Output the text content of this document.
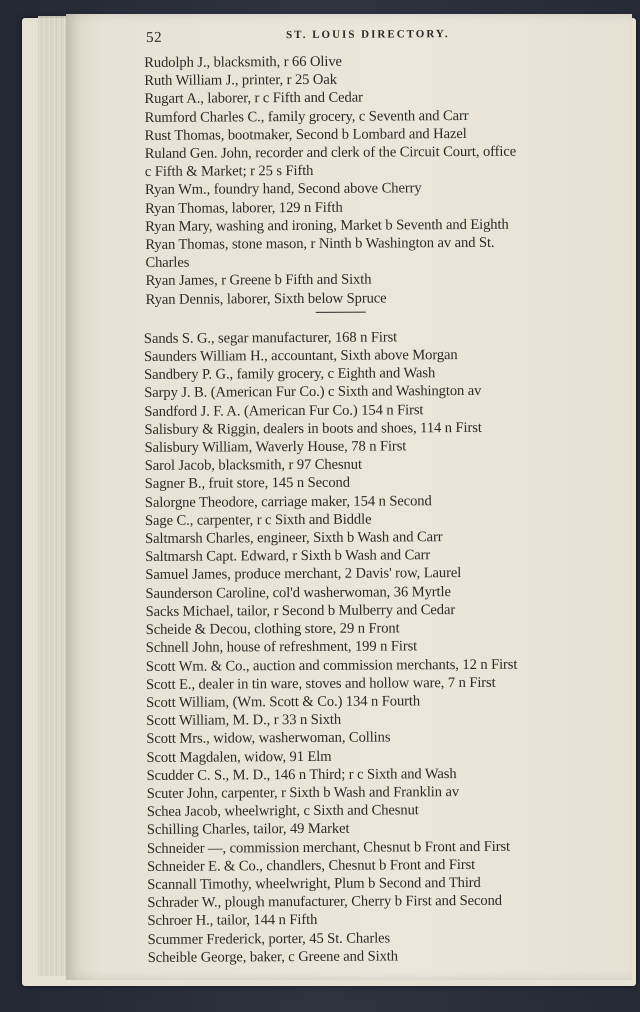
52	ST. LOUIS DIRECTORY.
Rudolph J., blacksmith, r 66 Olive
Ruth William J., printer, r 25 Oak
Rugart A., laborer, r c Fifth and Cedar
Rumford Charles C., family grocery, c Seventh and Carr
Rust Thomas, bootmaker, Second b Lombard and Hazel
Ruland Gen. John, recorder and clerk of the Circuit Court, office
c Fifth & Market; r 25 s Fifth
Ryan Wm., foundry hand, Second above Cherry
Ryan Thomas, laborer, 129 n Fifth
Ryan Mary, washing and ironing, Market b Seventh and Eighth
Ryan Thomas, stone mason, r Ninth b Washington av and St.
Charles
Ryan James, r Greene b Fifth and Sixth
Ryan Dennis, laborer, Sixth below Spruce
Sands S. G., segar manufacturer, 168 n First
Saunders William H., accountant, Sixth above Morgan
Sandbery P. G., family grocery, c Eighth and Wash
Sarpy J. B. (American Fur Co.) c Sixth and Washington av
Sandford J. F. A. (American Fur Co.) 154 n First
Salisbury & Riggin, dealers in boots and shoes, 114 n First
Salisbury William, Waverly House, 78 n First
Sarol Jacob, blacksmith, r 97 Chesnut
Sagner B., fruit store, 145 n Second
Salorgne Theodore, carriage maker, 154 n Second
Sage C., carpenter, r c Sixth and Biddle
Saltmarsh Charles, engineer, Sixth b Wash and Carr
Saltmarsh Capt. Edward, r Sixth b Wash and Carr
Samuel James, produce merchant, 2 Davis' row, Laurel
Saunderson Caroline, col'd washerwoman, 36 Myrtle
Sacks Michael, tailor, r Second b Mulberry and Cedar
Scheide & Decou, clothing store, 29 n Front
Schnell John, house of refreshment, 199 n First
Scott Wm. & Co., auction and commission merchants, 12 n First
Scott E., dealer in tin ware, stoves and hollow ware, 7 n First
Scott William, (Wm. Scott & Co.) 134 n Fourth
Scott William, M. D., r 33 n Sixth
Scott Mrs., widow, washerwoman, Collins
Scott Magdalen, widow, 91 Elm
Scudder C. S., M. D., 146 n Third; r c Sixth and Wash
Scuter John, carpenter, r Sixth b Wash and Franklin av
Schea Jacob, wheelwright, c Sixth and Chesnut
Schilling Charles, tailor, 49 Market
Schneider —, commission merchant, Chesnut b Front and First
Schneider E. & Co., chandlers, Chesnut b Front and First
Scannall Timothy, wheelwright, Plum b Second and Third
Schrader W., plough manufacturer, Cherry b First and Second
Schroer H., tailor, 144 n Fifth
Scummer Frederick, porter, 45 St. Charles
Scheible George, baker, c Greene and Sixth
